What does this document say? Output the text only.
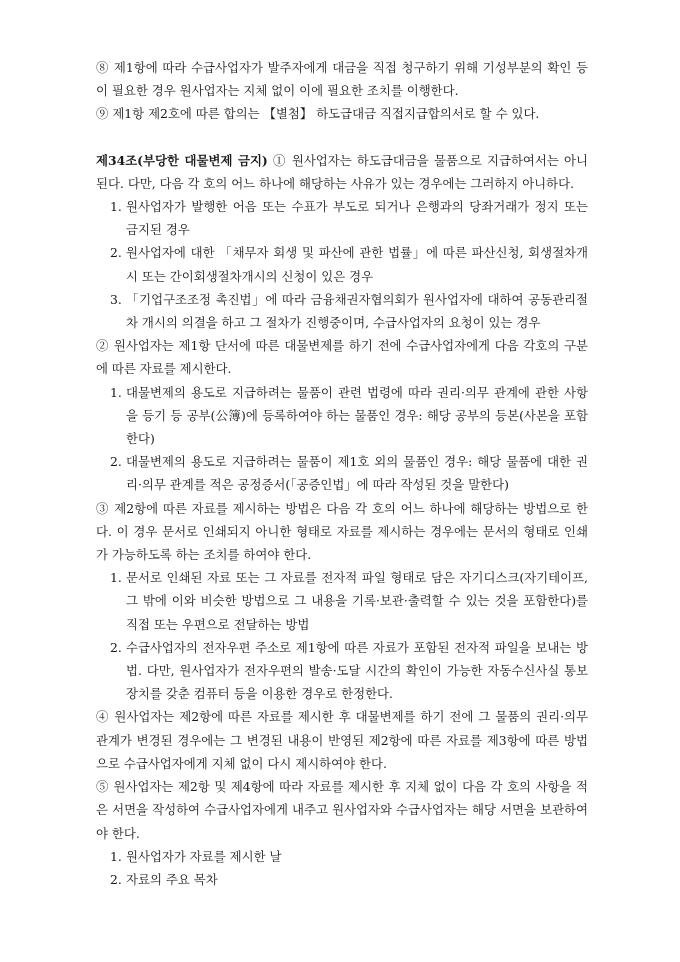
⑧ 제1항에 따라 수급사업자가 발주자에게 대금을 직접 청구하기 위해 기성부분의 확인 등이 필요한 경우 원사업자는 지체 없이 이에 필요한 조치를 이행한다.

⑨ 제1항 제2호에 따른 합의는 【별첨】 하도급대금 직접지급합의서로 할 수 있다.

제34조(부당한 대물변제 금지) ① 원사업자는 하도급대금을 물품으로 지급하여서는 아니 된다. 다만, 다음 각 호의 어느 하나에 해당하는 사유가 있는 경우에는 그러하지 아니하다.

1. 원사업자가 발행한 어음 또는 수표가 부도로 되거나 은행과의 당좌거래가 정지 또는 금지된 경우
2. 원사업자에 대한 「채무자 회생 및 파산에 관한 법률」에 따른 파산신청, 회생절차개시 또는 간이회생절차개시의 신청이 있은 경우
3. 「기업구조조정 촉진법」에 따라 금융채권자협의회가 원사업자에 대하여 공동관리절차 개시의 의결을 하고 그 절차가 진행중이며, 수급사업자의 요청이 있는 경우

② 원사업자는 제1항 단서에 따른 대물변제를 하기 전에 수급사업자에게 다음 각호의 구분에 따른 자료를 제시한다.

1. 대물변제의 용도로 지급하려는 물품이 관련 법령에 따라 권리·의무 관계에 관한 사항을 등기 등 공부(公簿)에 등록하여야 하는 물품인 경우: 해당 공부의 등본(사본을 포함한다)
2. 대물변제의 용도로 지급하려는 물품이 제1호 외의 물품인 경우: 해당 물품에 대한 권리·의무 관계를 적은 공정증서(「공증인법」에 따라 작성된 것을 말한다)

③ 제2항에 따른 자료를 제시하는 방법은 다음 각 호의 어느 하나에 해당하는 방법으로 한다. 이 경우 문서로 인쇄되지 아니한 형태로 자료를 제시하는 경우에는 문서의 형태로 인쇄가 가능하도록 하는 조치를 하여야 한다.

1. 문서로 인쇄된 자료 또는 그 자료를 전자적 파일 형태로 담은 자기디스크(자기테이프, 그 밖에 이와 비슷한 방법으로 그 내용을 기록·보관·출력할 수 있는 것을 포함한다)를 직접 또는 우편으로 전달하는 방법
2. 수급사업자의 전자우편 주소로 제1항에 따른 자료가 포함된 전자적 파일을 보내는 방법. 다만, 원사업자가 전자우편의 발송·도달 시간의 확인이 가능한 자동수신사실 통보장치를 갖춘 컴퓨터 등을 이용한 경우로 한정한다.

④ 원사업자는 제2항에 따른 자료를 제시한 후 대물변제를 하기 전에 그 물품의 권리·의무 관계가 변경된 경우에는 그 변경된 내용이 반영된 제2항에 따른 자료를 제3항에 따른 방법으로 수급사업자에게 지체 없이 다시 제시하여야 한다.

⑤ 원사업자는 제2항 및 제4항에 따라 자료를 제시한 후 지체 없이 다음 각 호의 사항을 적은 서면을 작성하여 수급사업자에게 내주고 원사업자와 수급사업자는 해당 서면을 보관하여야 한다.

1. 원사업자가 자료를 제시한 날
2. 자료의 주요 목차
